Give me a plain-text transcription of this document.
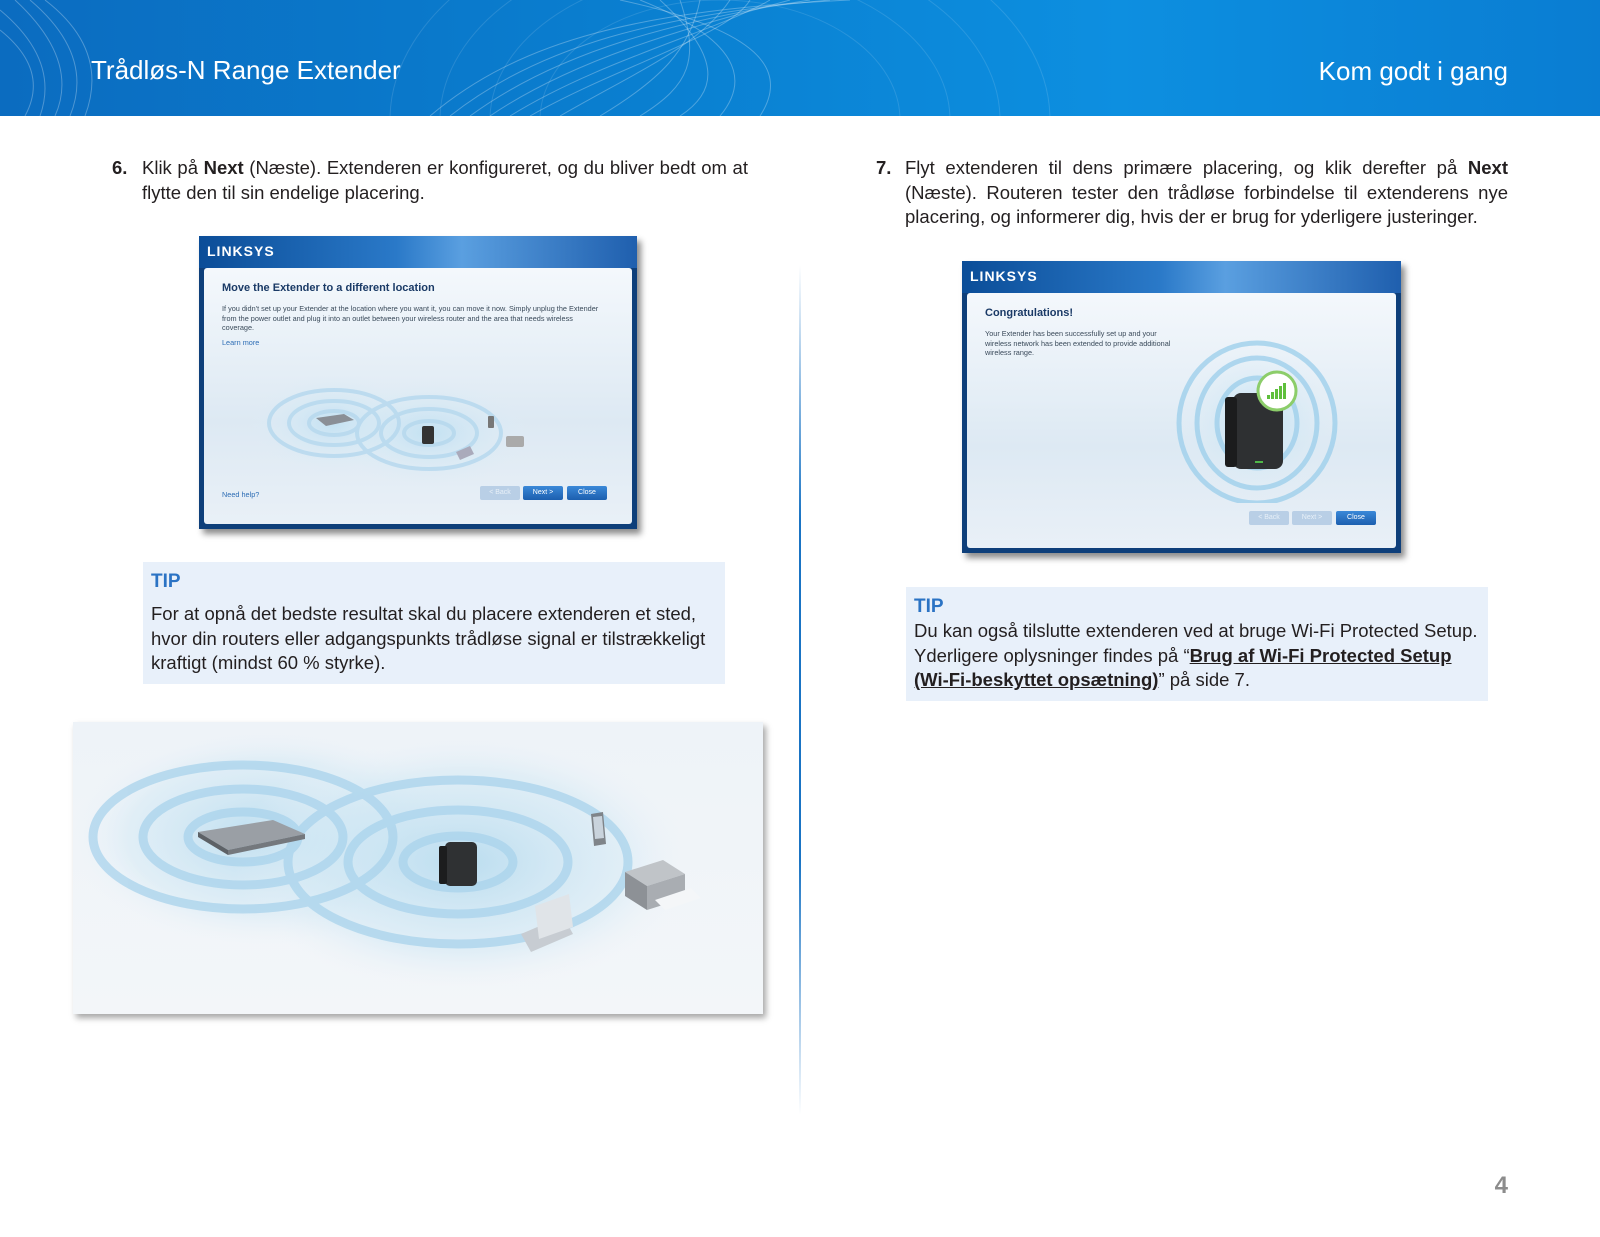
Trådløs-N Range Extender	Kom godt i gang
6. Klik på Next (Næste). Extenderen er konfigureret, og du bliver bedt om at flytte den til sin endelige placering.
LINKSYS
Move the Extender to a different location
If you didn't set up your Extender at the location where you want it, you can move it now. Simply unplug the Extender from the power outlet and plug it into an outlet between your wireless router and the area that needs wireless coverage.
Learn more
Need help?	< Back	Next >	Close
TIP
For at opnå det bedste resultat skal du placere extenderen et sted, hvor din routers eller adgangspunkts trådløse signal er tilstrækkeligt kraftigt (mindst 60 % styrke).
7. Flyt extenderen til dens primære placering, og klik derefter på Next (Næste). Routeren tester den trådløse forbindelse til extenderens nye placering, og informerer dig, hvis der er brug for yderligere justeringer.
LINKSYS
Congratulations!
Your Extender has been successfully set up and your wireless network has been extended to provide additional wireless range.
< Back	Next >	Close
TIP
Du kan også tilslutte extenderen ved at bruge Wi-Fi Protected Setup. Yderligere oplysninger findes på “Brug af Wi-Fi Protected Setup (Wi-Fi-beskyttet opsætning)” på side 7.
4
